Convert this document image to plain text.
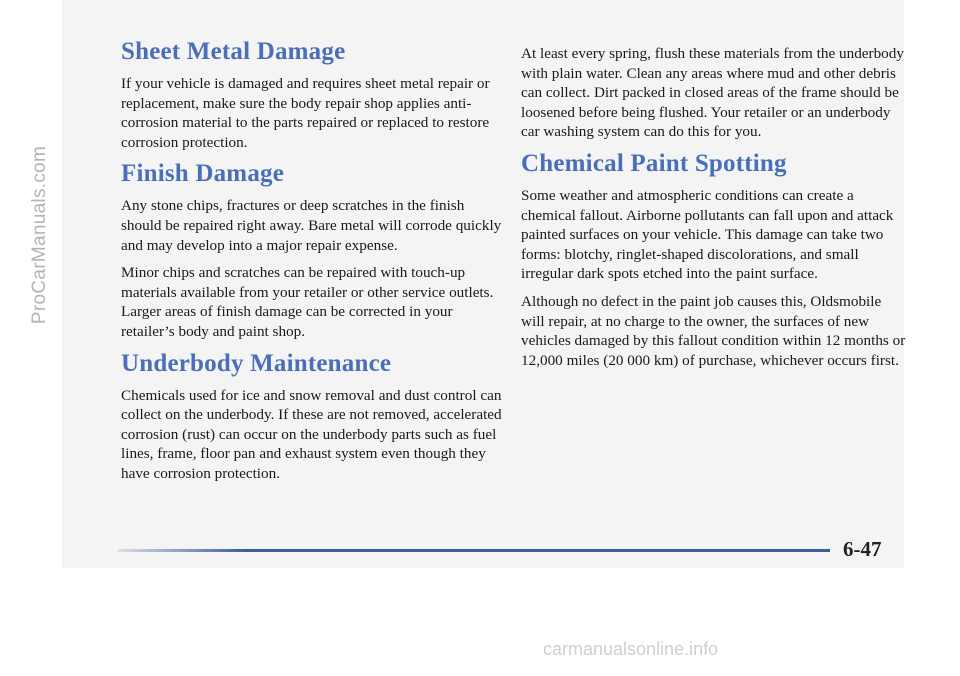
ProCarManuals.com
Sheet Metal Damage

If your vehicle is damaged and requires sheet metal repair or replacement, make sure the body repair shop applies anti-corrosion material to the parts repaired or replaced to restore corrosion protection.

Finish Damage

Any stone chips, fractures or deep scratches in the finish should be repaired right away. Bare metal will corrode quickly and may develop into a major repair expense.

Minor chips and scratches can be repaired with touch-up materials available from your retailer or other service outlets. Larger areas of finish damage can be corrected in your retailer’s body and paint shop.

Underbody Maintenance

Chemicals used for ice and snow removal and dust control can collect on the underbody. If these are not removed, accelerated corrosion (rust) can occur on the underbody parts such as fuel lines, frame, floor pan and exhaust system even though they have corrosion protection.

At least every spring, flush these materials from the underbody with plain water. Clean any areas where mud and other debris can collect. Dirt packed in closed areas of the frame should be loosened before being flushed. Your retailer or an underbody car washing system can do this for you.

Chemical Paint Spotting

Some weather and atmospheric conditions can create a chemical fallout. Airborne pollutants can fall upon and attack painted surfaces on your vehicle. This damage can take two forms: blotchy, ringlet-shaped discolorations, and small irregular dark spots etched into the paint surface.

Although no defect in the paint job causes this, Oldsmobile will repair, at no charge to the owner, the surfaces of new vehicles damaged by this fallout condition within 12 months or 12,000 miles (20 000 km) of purchase, whichever occurs first.

6-47
carmanualsonline.info
